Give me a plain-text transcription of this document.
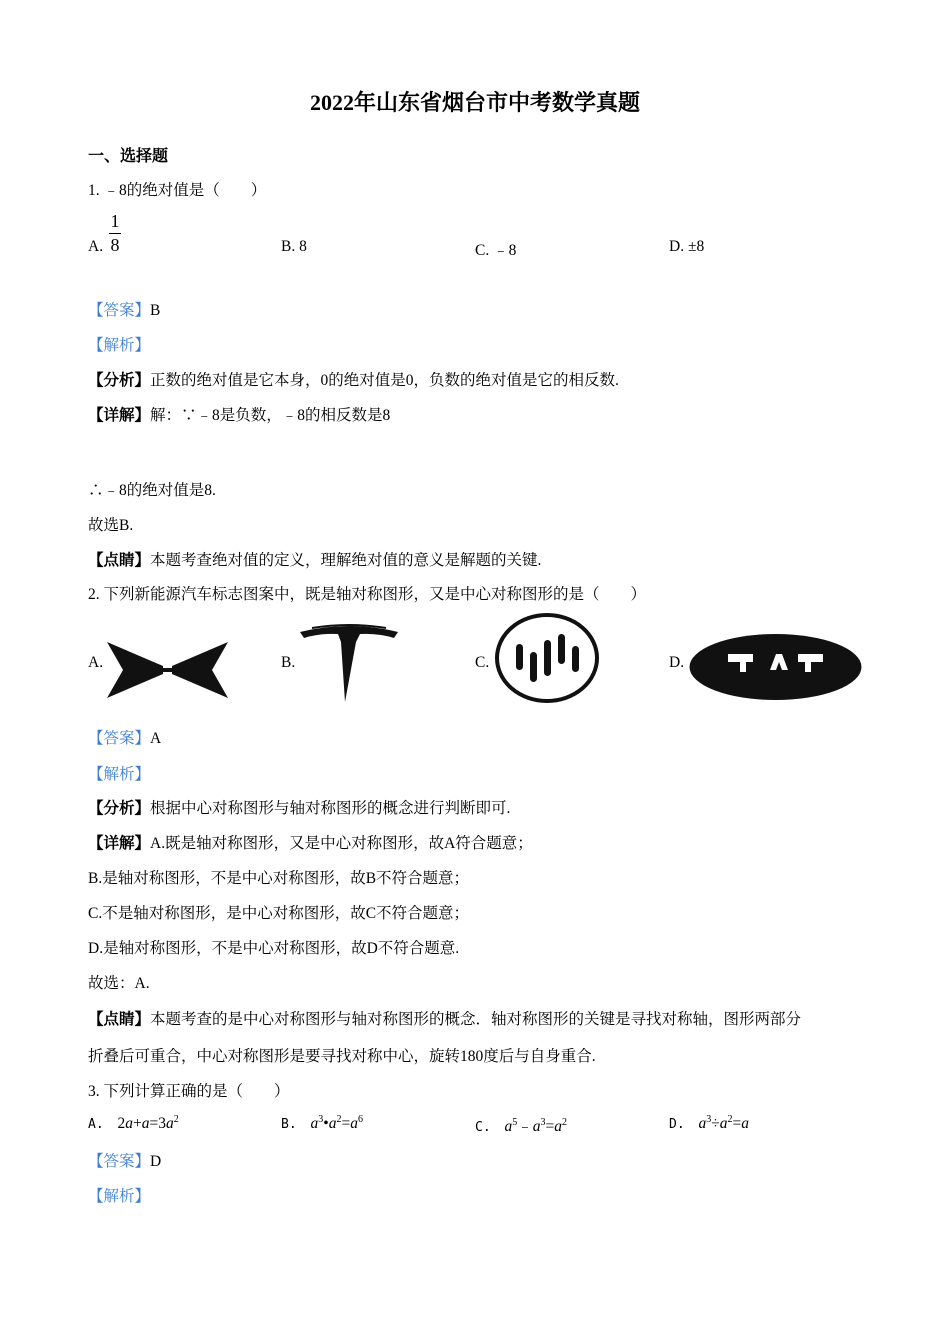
2022年山东省烟台市中考数学真题
一、选择题
1. ﹣8的绝对值是（　　）
A.
1
8	B. 8	C. ﹣8	D. ±8
【答案】B
【解析】
【分析】正数的绝对值是它本身，0的绝对值是0，负数的绝对值是它的相反数.
【详解】解：∵﹣8是负数，﹣8的相反数是8
∴﹣8的绝对值是8.
故选B.
【点睛】本题考查绝对值的定义，理解绝对值的意义是解题的关键.
2. 下列新能源汽车标志图案中，既是轴对称图形，又是中心对称图形的是（　　）
A.	B.	C.	D.
【答案】A
【解析】
【分析】根据中心对称图形与轴对称图形的概念进行判断即可.
【详解】A.既是轴对称图形，又是中心对称图形，故A符合题意；
B.是轴对称图形，不是中心对称图形，故B不符合题意；
C.不是轴对称图形，是中心对称图形，故C不符合题意；
D.是轴对称图形，不是中心对称图形，故D不符合题意.
故选：A.
【点睛】本题考查的是中心对称图形与轴对称图形的概念．轴对称图形的关键是寻找对称轴，图形两部分
折叠后可重合，中心对称图形是要寻找对称中心，旋转180度后与自身重合.
3. 下列计算正确的是（　　）
A. $2a+a=3a^2$	B. $a^3•a^2=a^6$
C. $a^5﹣a^3=a^2$	D. $a^3\div a^2=a$
【答案】D
【解析】
